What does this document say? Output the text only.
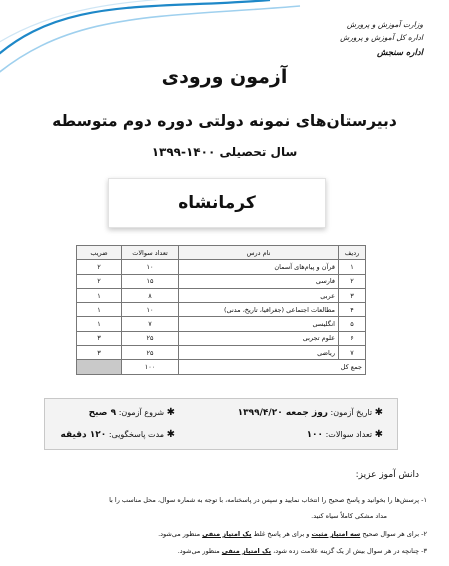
وزارت آموزش و پرورش
اداره کل آموزش و پرورش
اداره سنجش
آزمون ورودی
دبیرستان‌های نمونه دولتی دوره دوم متوسطه
سال تحصیلی ۱۴۰۰-۱۳۹۹
کرمانشاه
ردیف	نام درس	تعداد سوالات	ضریب
۱	قرآن و پیام‌های آسمان	۱۰	۲
۲	فارسی	۱۵	۲
۳	عربی	۸	۱
۴	مطالعات اجتماعی (جغرافیا، تاریخ، مدنی)	۱۰	۱
۵	انگلیسی	۷	۱
۶	علوم تجربی	۲۵	۳
۷	ریاضی	۲۵	۳
جمع کل		۱۰۰	
✱ تاریخ آزمون: روز جمعه ۱۳۹۹/۴/۲۰
✱ شروع آزمون: ۹ صبح
✱ تعداد سوالات: ۱۰۰
✱ مدت پاسخگویی: ۱۲۰ دقیقه
دانش آموز عزیز:
۱- پرسش‌ها را بخوانید و پاسخ صحیح را انتخاب نمایید و سپس در پاسخنامه، با توجه به شماره سوال، محل مناسب را با
مداد مشکی کاملاً سیاه کنید.
۲- برای هر سوال صحیح سه امتیاز مثبت و برای هر پاسخ غلط یک امتیاز منفی منظور می‌شود.
۳- چنانچه در هر سوال بیش از یک گزینه علامت زده شود، یک امتیاز منفی منظور می‌شود.
